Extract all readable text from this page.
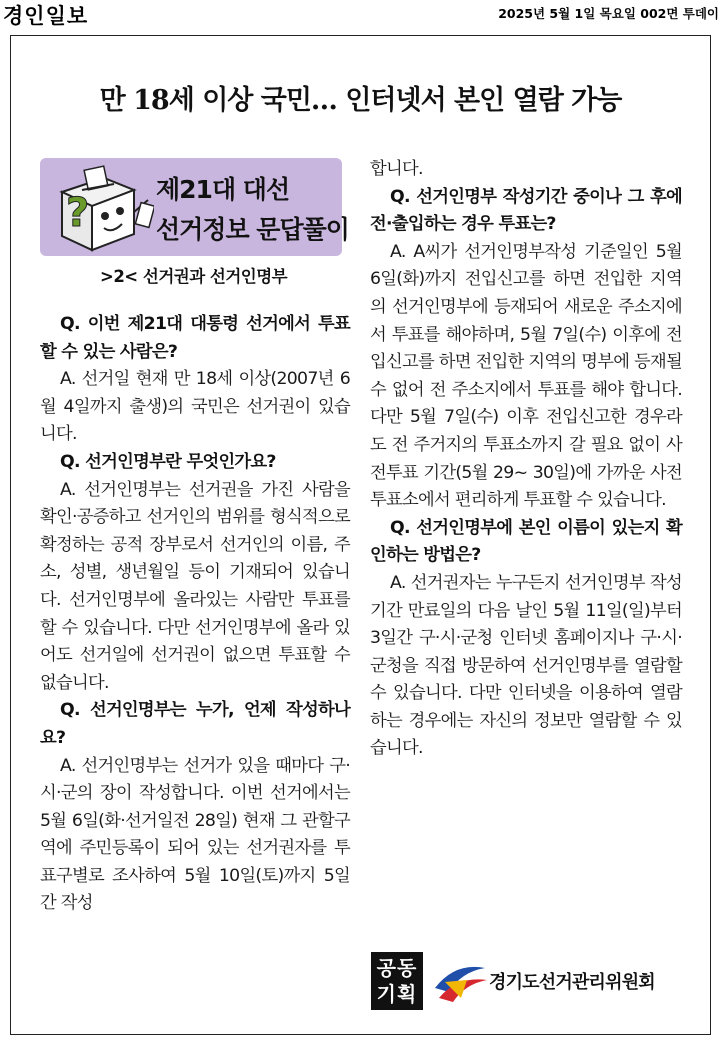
경인일보	2025년 5월 1일 목요일 002면 투데이
만 18세 이상 국민… 인터넷서 본인 열람 가능
?
제21대 대선
선거정보 문답풀이
>2< 선거권과 선거인명부

Q. 이번 제21대 대통령 선거에서 투표할 수 있는 사람은?

A. 선거일 현재 만 18세 이상(2007년 6월 4일까지 출생)의 국민은 선거권이 있습니다.

Q. 선거인명부란 무엇인가요?

A. 선거인명부는 선거권을 가진 사람을 확인·공증하고 선거인의 범위를 형식적으로 확정하는 공적 장부로서 선거인의 이름, 주소, 성별, 생년월일 등이 기재되어 있습니다. 선거인명부에 올라있는 사람만 투표를 할 수 있습니다. 다만 선거인명부에 올라 있어도 선거일에 선거권이 없으면 투표할 수 없습니다.

Q. 선거인명부는 누가, 언제 작성하나요?

A. 선거인명부는 선거가 있을 때마다 구·시·군의 장이 작성합니다. 이번 선거에서는 5월 6일(화·선거일전 28일) 현재 그 관할구역에 주민등록이 되어 있는 선거권자를 투표구별로 조사하여 5월 10일(토)까지 5일간 작성

합니다.

Q. 선거인명부 작성기간 중이나 그 후에 전·출입하는 경우 투표는?

A. A씨가 선거인명부작성 기준일인 5월 6일(화)까지 전입신고를 하면 전입한 지역의 선거인명부에 등재되어 새로운 주소지에서 투표를 해야하며, 5월 7일(수) 이후에 전입신고를 하면 전입한 지역의 명부에 등재될 수 없어 전 주소지에서 투표를 해야 합니다. 다만 5월 7일(수) 이후 전입신고한 경우라도 전 주거지의 투표소까지 갈 필요 없이 사전투표 기간(5월 29~ 30일)에 가까운 사전투표소에서 편리하게 투표할 수 있습니다.

Q. 선거인명부에 본인 이름이 있는지 확인하는 방법은?

A. 선거권자는 누구든지 선거인명부 작성기간 만료일의 다음 날인 5월 11일(일)부터 3일간 구·시·군청 인터넷 홈페이지나 구·시·군청을 직접 방문하여 선거인명부를 열람할 수 있습니다. 다만 인터넷을 이용하여 열람하는 경우에는 자신의 정보만 열람할 수 있습니다.

공동
기획	경기도선거관리위원회
